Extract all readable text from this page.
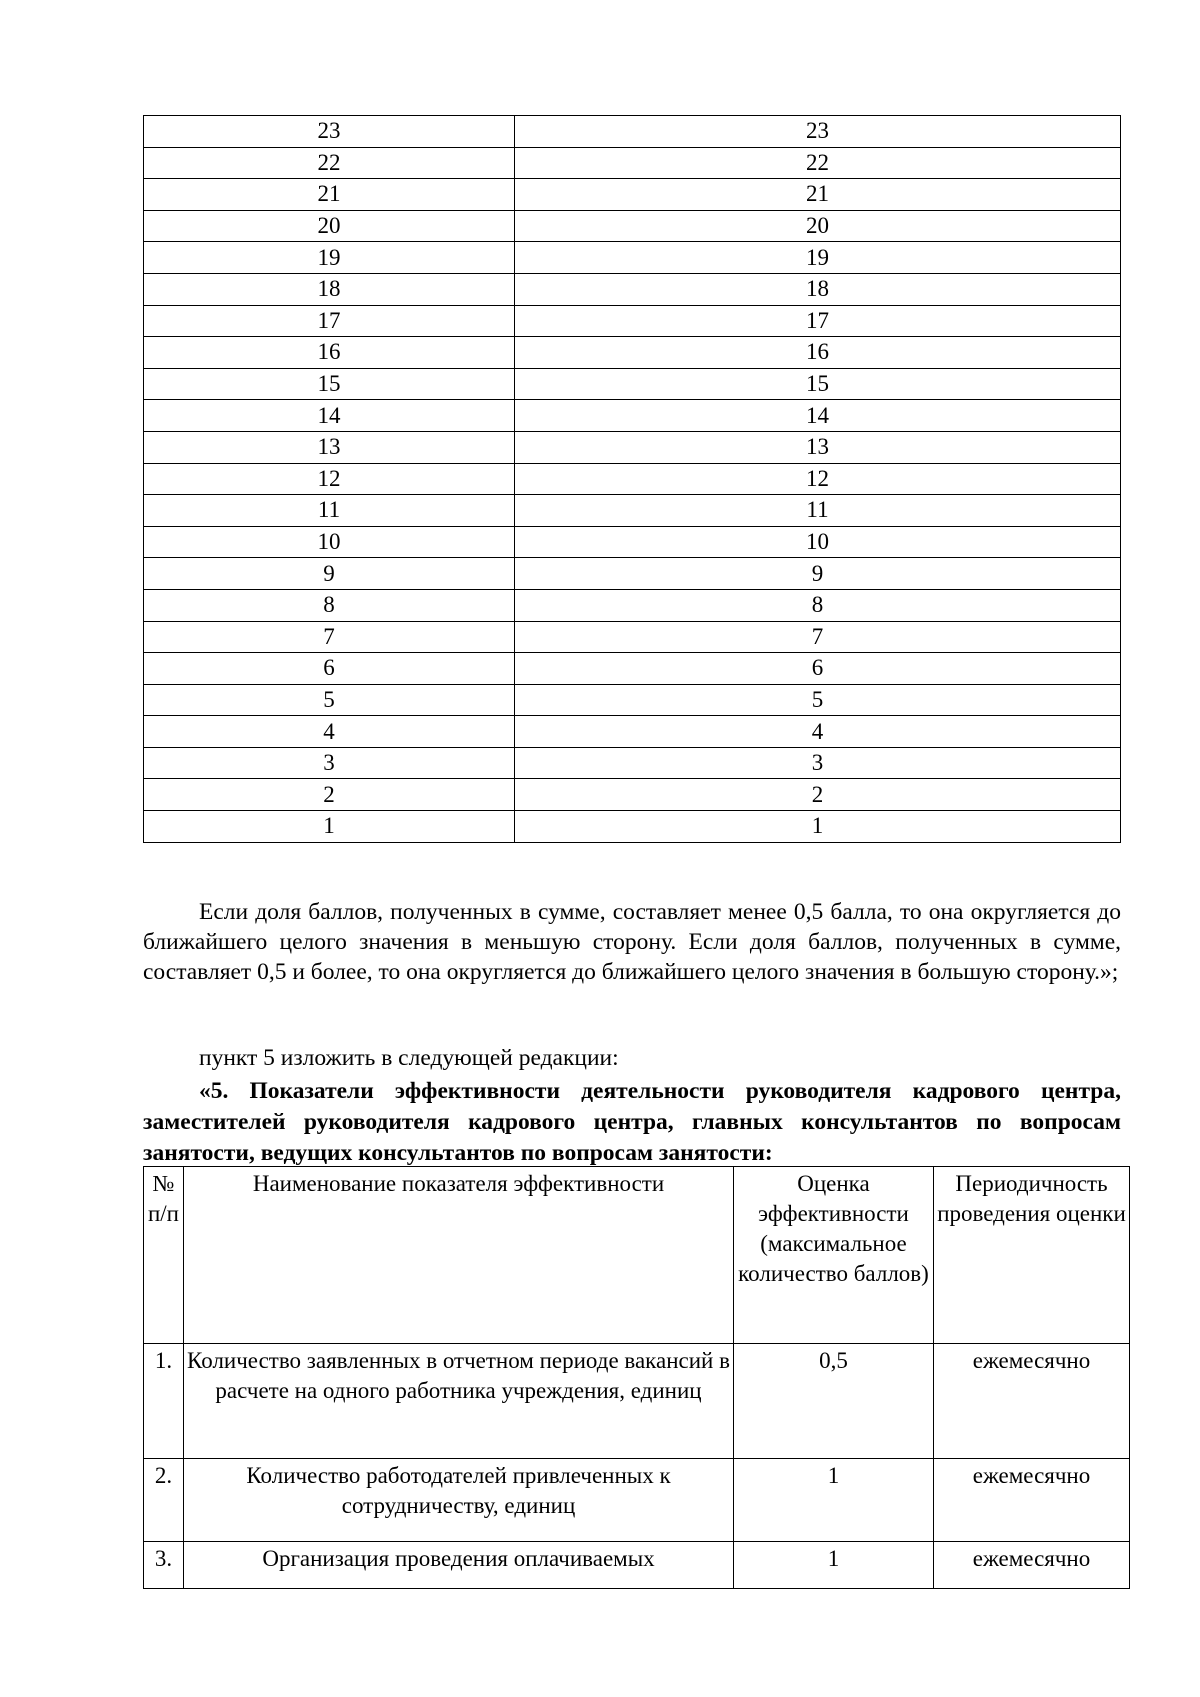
23	23
22	22
21	21
20	20
19	19
18	18
17	17
16	16
15	15
14	14
13	13
12	12
11	11
10	10
9	9
8	8
7	7
6	6
5	5
4	4
3	3
2	2
1	1

Если доля баллов, полученных в сумме, составляет менее 0,5 балла, то она округляется до ближайшего целого значения в меньшую сторону. Если доля баллов, полученных в сумме, составляет 0,5 и более, то она округляется до ближайшего целого значения в большую сторону.»;

пункт 5 изложить в следующей редакции:

«5. Показатели эффективности деятельности руководителя кадрового центра, заместителей руководителя кадрового центра, главных консультантов по вопросам занятости, ведущих консультантов по вопросам занятости:

№ п/п	Наименование показателя эффективности	Оценка эффективности (максимальное количество баллов)	Периодичность проведения оценки
1.	Количество заявленных в отчетном периоде вакансий в расчете на одного работника учреждения, единиц	0,5	ежемесячно
2.	Количество работодателей привлеченных к сотрудничеству, единиц	1	ежемесячно
3.	Организация проведения оплачиваемых	1	ежемесячно
